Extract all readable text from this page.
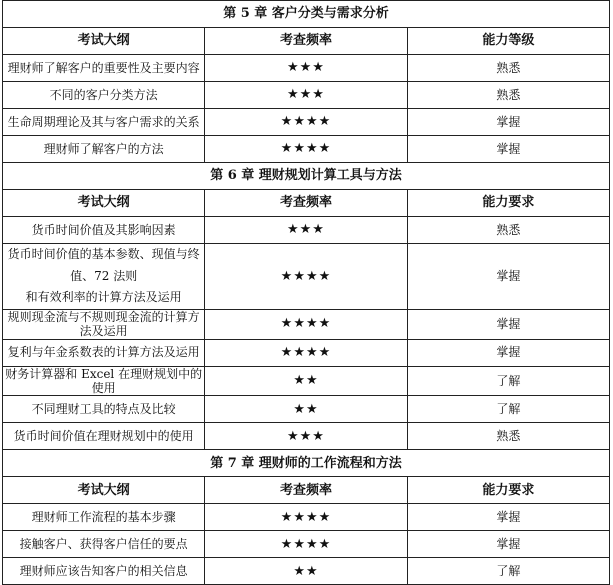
第 5 章 客户分类与需求分析		
考试大纲	考查频率	能力等级
理财师了解客户的重要性及主要内容	★★★	熟悉
不同的客户分类方法	★★★	熟悉
生命周期理论及其与客户需求的关系	★★★★	掌握
理财师了解客户的方法	★★★★	掌握
第 6 章 理财规划计算工具与方法		
考试大纲	考查频率	能力要求
货币时间价值及其影响因素	★★★	熟悉

货币时间价值的基本参数、现值与终值、72 法则
和有效利率的计算方法及运用	★★★★	掌握
规则现金流与不规则现金流的计算方法及运用	★★★★	掌握
复利与年金系数表的计算方法及运用	★★★★	掌握
财务计算器和 Excel 在理财规划中的使用	★★	了解
不同理财工具的特点及比较	★★	了解
货币时间价值在理财规划中的使用	★★★	熟悉
第 7 章 理财师的工作流程和方法		
考试大纲	考查频率	能力要求
理财师工作流程的基本步骤	★★★★	掌握
接触客户、获得客户信任的要点	★★★★	掌握
理财师应该告知客户的相关信息	★★	了解
